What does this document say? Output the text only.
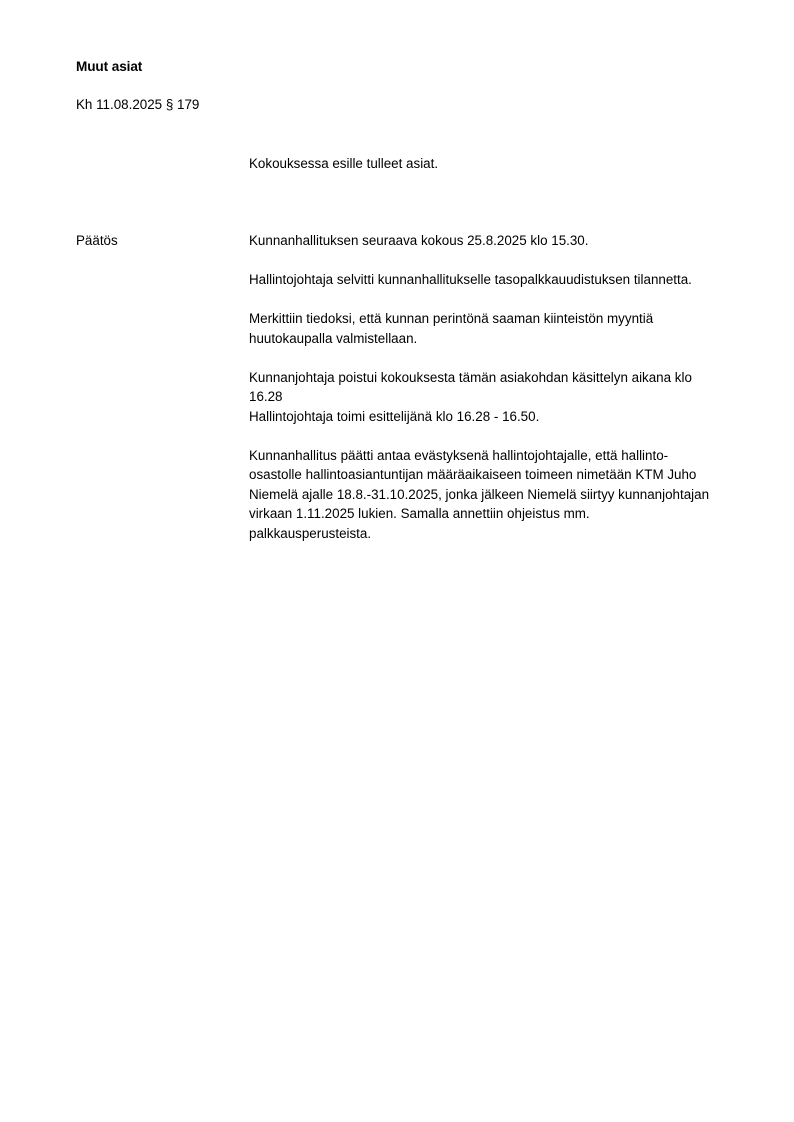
Muut asiat
Kh 11.08.2025 § 179
Kokouksessa esille tulleet asiat.
Päätös	Kunnanhallituksen seuraava kokous 25.8.2025 klo 15.30.

Hallintojohtaja selvitti kunnanhallitukselle tasopalkkauudistuksen tilannetta.

Merkittiin tiedoksi, että kunnan perintönä saaman kiinteistön myyntiä
huutokaupalla valmistellaan.

Kunnanjohtaja poistui kokouksesta tämän asiakohdan käsittelyn aikana klo
16.28
Hallintojohtaja toimi esittelijänä klo 16.28 - 16.50.

Kunnanhallitus päätti antaa evästyksenä hallintojohtajalle, että hallinto-
osastolle hallintoasiantuntijan määräaikaiseen toimeen nimetään KTM Juho
Niemelä ajalle 18.8.-31.10.2025, jonka jälkeen Niemelä siirtyy kunnanjohtajan
virkaan 1.11.2025 lukien. Samalla annettiin ohjeistus mm.
palkkausperusteista.
